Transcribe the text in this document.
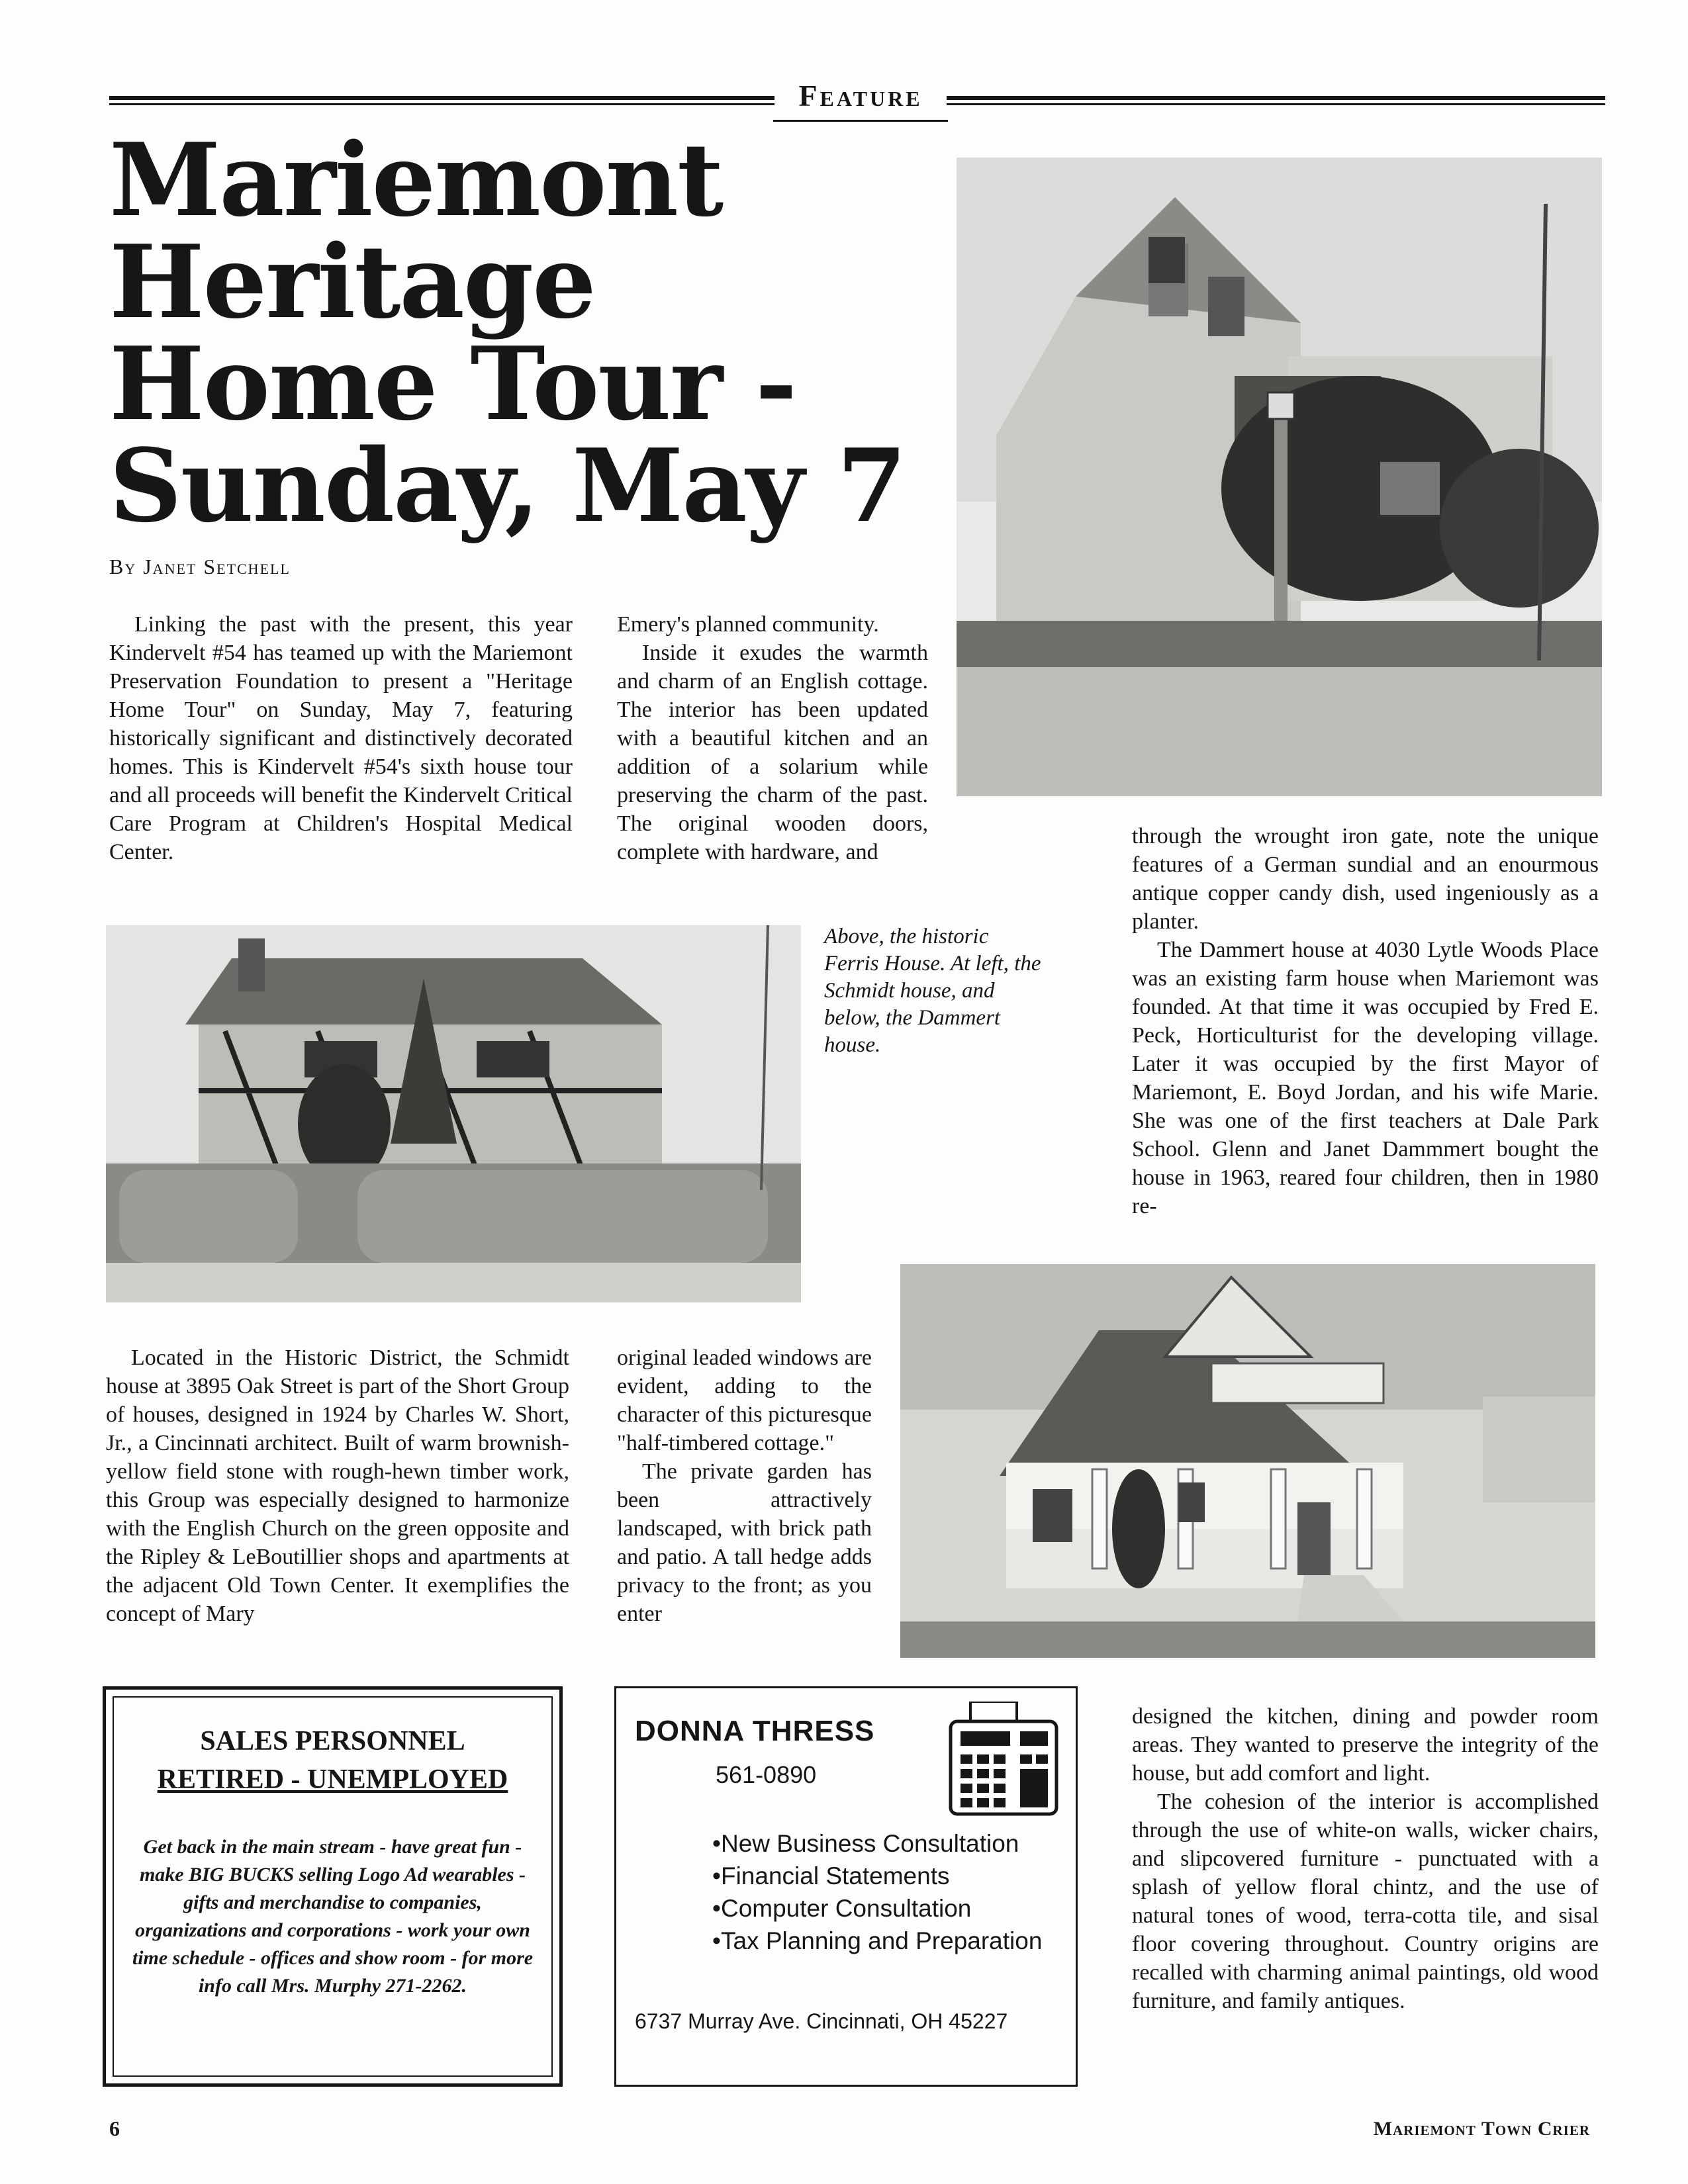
Feature
Mariemont
Heritage
Home Tour -
Sunday, May 7
By Janet Setchell

Linking the past with the present, this year Kindervelt #54 has teamed up with the Mariemont Preservation Foundation to present a "Heritage Home Tour" on Sunday, May 7, featuring historically significant and distinctively decorated homes. This is Kindervelt #54's sixth house tour and all proceeds will benefit the Kindervelt Critical Care Program at Children's Hospital Medical Center.

Emery's planned community.

Inside it exudes the warmth and charm of an English cottage. The interior has been updated with a beautiful kitchen and an addition of a solarium while preserving the charm of the past. The original wooden doors, complete with hardware, and

through the wrought iron gate, note the unique features of a German sundial and an enourmous antique copper candy dish, used ingeniously as a planter.

The Dammert house at 4030 Lytle Woods Place was an existing farm house when Mariemont was founded. At that time it was occupied by Fred E. Peck, Horticulturist for the developing village. Later it was occupied by the first Mayor of Mariemont, E. Boyd Jordan, and his wife Marie. She was one of the first teachers at Dale Park School. Glenn and Janet Dammmert bought the house in 1963, reared four children, then in 1980 re-

Above, the historic Ferris House. At left, the Schmidt house, and below, the Dammert house.

Located in the Historic District, the Schmidt house at 3895 Oak Street is part of the Short Group of houses, designed in 1924 by Charles W. Short, Jr., a Cincinnati architect. Built of warm brownish-yellow field stone with rough-hewn timber work, this Group was especially designed to harmonize with the English Church on the green opposite and the Ripley & LeBoutillier shops and apartments at the adjacent Old Town Center. It exemplifies the concept of Mary

original leaded windows are evident, adding to the character of this picturesque "half-timbered cottage."

The private garden has been attractively landscaped, with brick path and patio. A tall hedge adds privacy to the front; as you enter

SALES PERSONNEL
RETIRED - UNEMPLOYED
Get back in the main stream - have great fun - make BIG BUCKS selling Logo Ad wearables - gifts and merchandise to companies, organizations and corporations - work your own time schedule - offices and show room - for more info call Mrs. Murphy 271-2262.
DONNA THRESS
561-0890
• New Business Consultation
• Financial Statements
• Computer Consultation
• Tax Planning and Preparation
6737 Murray Ave. Cincinnati, OH 45227

designed the kitchen, dining and powder room areas. They wanted to preserve the integrity of the house, but add comfort and light.

The cohesion of the interior is accomplished through the use of white-on walls, wicker chairs, and slipcovered furniture - punctuated with a splash of yellow floral chintz, and the use of natural tones of wood, terra-cotta tile, and sisal floor covering throughout. Country origins are recalled with charming animal paintings, old wood furniture, and family antiques.

6	Mariemont Town Crier
